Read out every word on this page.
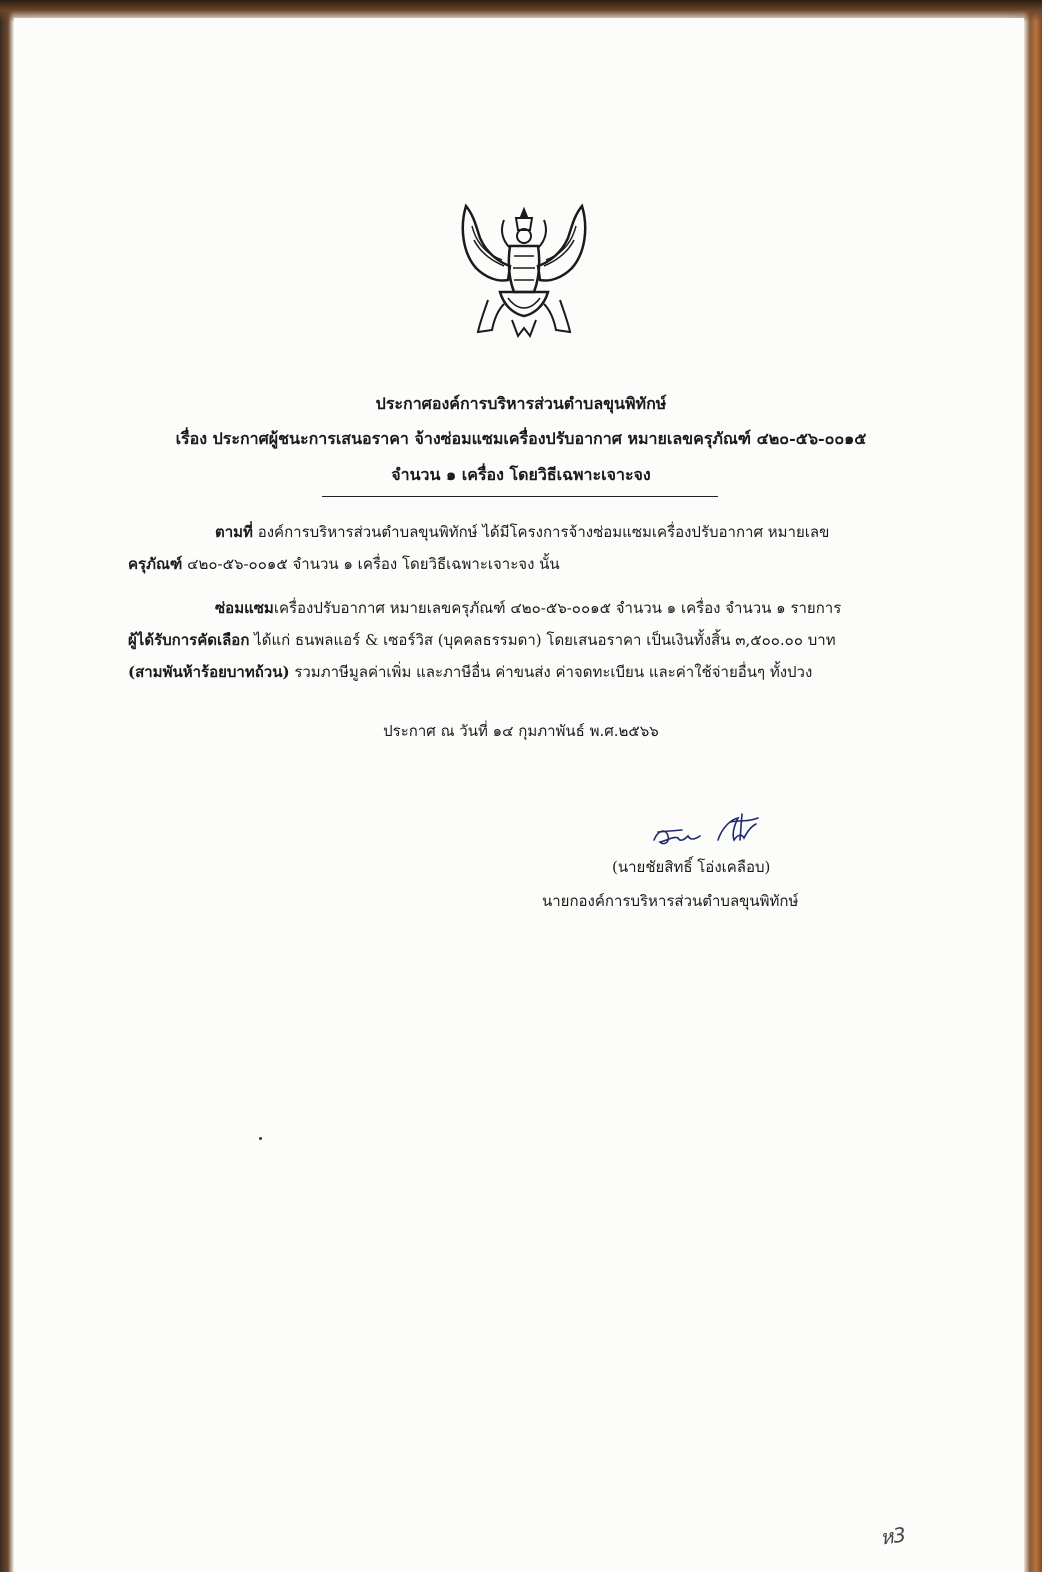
ประกาศองค์การบริหารส่วนตำบลขุนพิทักษ์
เรื่อง ประกาศผู้ชนะการเสนอราคา จ้างซ่อมแซมเครื่องปรับอากาศ หมายเลขครุภัณฑ์ ๔๒๐-๕๖-๐๐๑๕
จำนวน ๑ เครื่อง โดยวิธีเฉพาะเจาะจง
ตามที่ องค์การบริหารส่วนตำบลขุนพิทักษ์ ได้มีโครงการจ้างซ่อมแซมเครื่องปรับอากาศ หมายเลข
ครุภัณฑ์ ๔๒๐-๕๖-๐๐๑๕ จำนวน ๑ เครื่อง โดยวิธีเฉพาะเจาะจง นั้น
ซ่อมแซมเครื่องปรับอากาศ หมายเลขครุภัณฑ์ ๔๒๐-๕๖-๐๐๑๕ จำนวน ๑ เครื่อง จำนวน ๑ รายการ
ผู้ได้รับการคัดเลือก ได้แก่ ธนพลแอร์ & เซอร์วิส (บุคคลธรรมดา) โดยเสนอราคา เป็นเงินทั้งสิ้น ๓,๕๐๐.๐๐ บาท
(สามพันห้าร้อยบาทถ้วน) รวมภาษีมูลค่าเพิ่ม และภาษีอื่น ค่าขนส่ง ค่าจดทะเบียน และค่าใช้จ่ายอื่นๆ ทั้งปวง
ประกาศ ณ วันที่ ๑๔ กุมภาพันธ์ พ.ศ.๒๕๖๖
(นายชัยสิทธิ์ โอ่งเคลือบ)
นายกองค์การบริหารส่วนตำบลขุนพิทักษ์
ห3
